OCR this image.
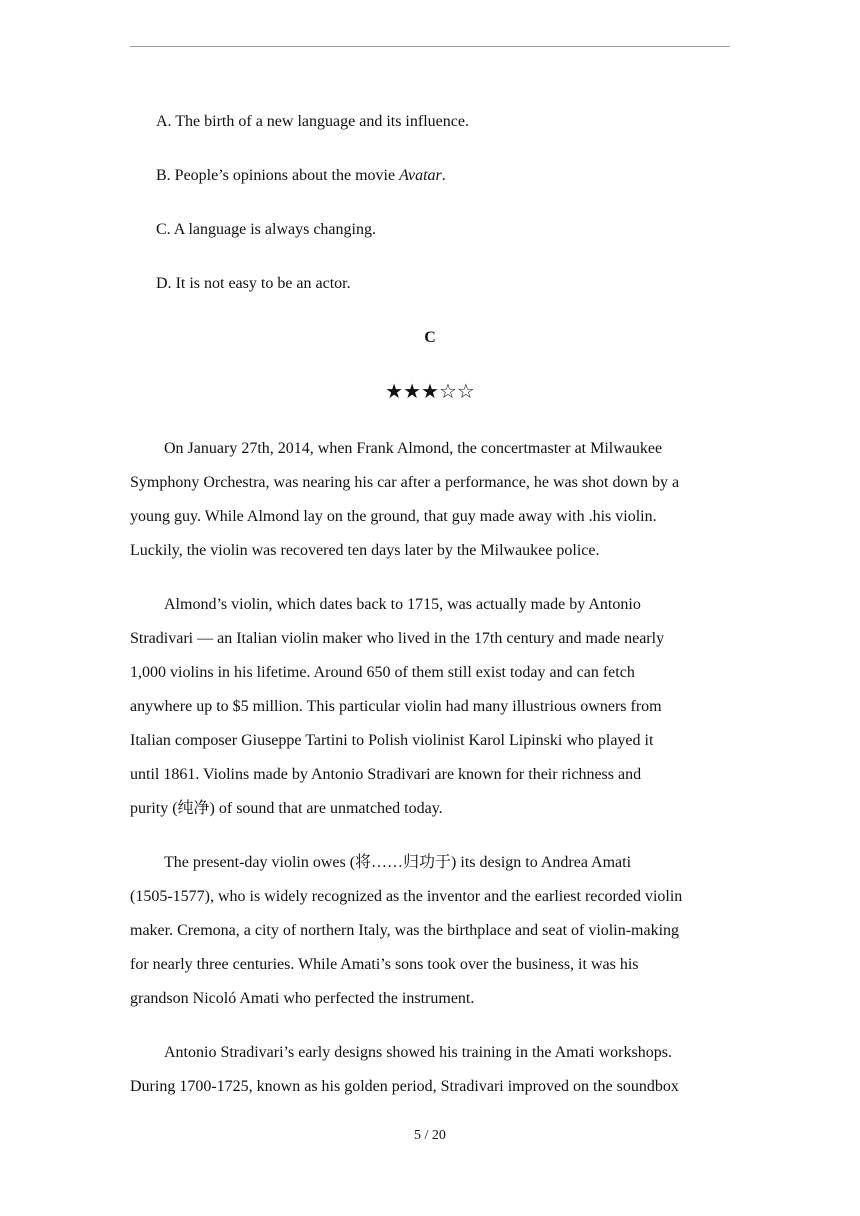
A. The birth of a new language and its influence.
B. People’s opinions about the movie Avatar.
C. A language is always changing.
D. It is not easy to be an actor.
C
★★★☆☆

On January 27th, 2014, when Frank Almond, the concertmaster at Milwaukee
Symphony Orchestra, was nearing his car after a performance, he was shot down by a
young guy. While Almond lay on the ground, that guy made away with .his violin.
Luckily, the violin was recovered ten days later by the Milwaukee police.

Almond’s violin, which dates back to 1715, was actually made by Antonio
Stradivari — an Italian violin maker who lived in the 17th century and made nearly
1,000 violins in his lifetime. Around 650 of them still exist today and can fetch
anywhere up to $5 million. This particular violin had many illustrious owners from
Italian composer Giuseppe Tartini to Polish violinist Karol Lipinski who played it
until 1861. Violins made by Antonio Stradivari are known for their richness and
purity (纯净) of sound that are unmatched today.

The present-day violin owes (将……归功于) its design to Andrea Amati
(1505-1577), who is widely recognized as the inventor and the earliest recorded violin
maker. Cremona, a city of northern Italy, was the birthplace and seat of violin-making
for nearly three centuries. While Amati’s sons took over the business, it was his
grandson Nicoló Amati who perfected the instrument.

Antonio Stradivari’s early designs showed his training in the Amati workshops.
During 1700-1725, known as his golden period, Stradivari improved on the soundbox

5 / 20
